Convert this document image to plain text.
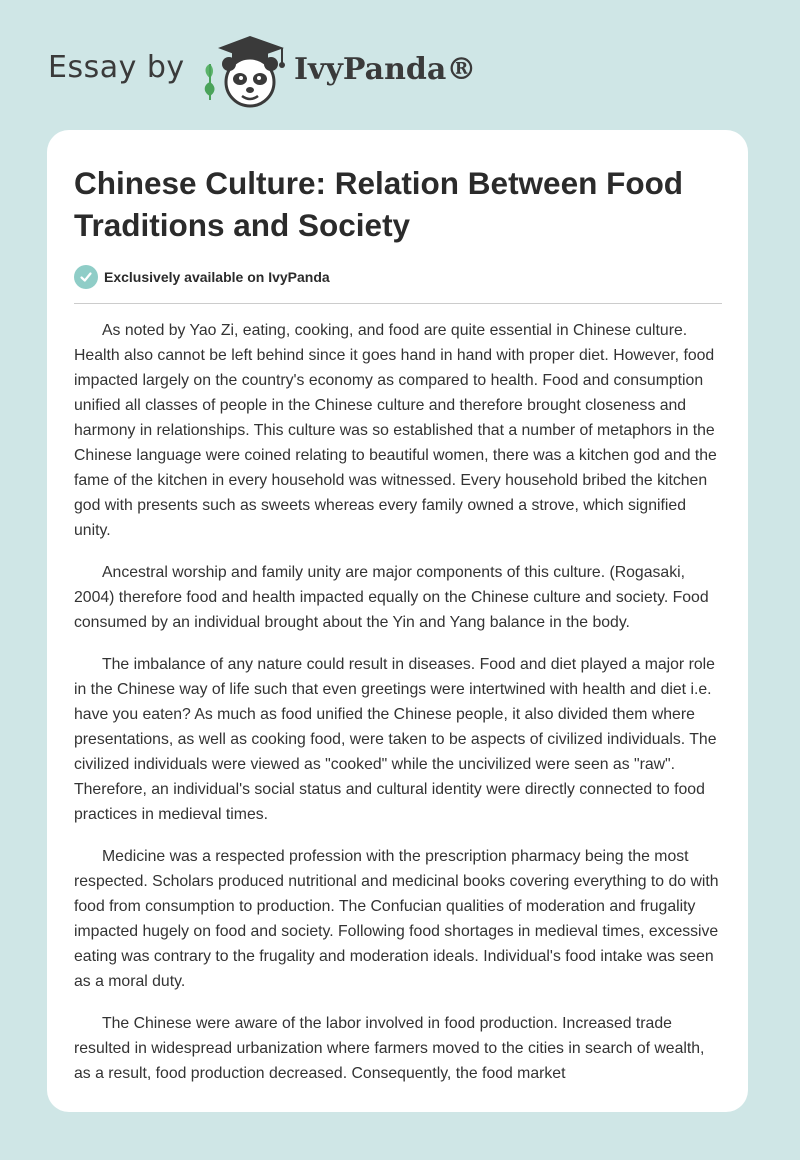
Essay by	IvyPanda®
Chinese Culture: Relation Between Food Traditions and Society
Exclusively available on IvyPanda

As noted by Yao Zi, eating, cooking, and food are quite essential in Chinese culture. Health also cannot be left behind since it goes hand in hand with proper diet. However, food impacted largely on the country's economy as compared to health. Food and consumption unified all classes of people in the Chinese culture and therefore brought closeness and harmony in relationships. This culture was so established that a number of metaphors in the Chinese language were coined relating to beautiful women, there was a kitchen god and the fame of the kitchen in every household was witnessed. Every household bribed the kitchen god with presents such as sweets whereas every family owned a strove, which signified unity.

Ancestral worship and family unity are major components of this culture. (Rogasaki, 2004) therefore food and health impacted equally on the Chinese culture and society. Food consumed by an individual brought about the Yin and Yang balance in the body.

The imbalance of any nature could result in diseases. Food and diet played a major role in the Chinese way of life such that even greetings were intertwined with health and diet i.e. have you eaten? As much as food unified the Chinese people, it also divided them where presentations, as well as cooking food, were taken to be aspects of civilized individuals. The civilized individuals were viewed as "cooked" while the uncivilized were seen as "raw". Therefore, an individual's social status and cultural identity were directly connected to food practices in medieval times.

Medicine was a respected profession with the prescription pharmacy being the most respected. Scholars produced nutritional and medicinal books covering everything to do with food from consumption to production. The Confucian qualities of moderation and frugality impacted hugely on food and society. Following food shortages in medieval times, excessive eating was contrary to the frugality and moderation ideals. Individual's food intake was seen as a moral duty.

The Chinese were aware of the labor involved in food production. Increased trade resulted in widespread urbanization where farmers moved to the cities in search of wealth, as a result, food production decreased. Consequently, the food market
